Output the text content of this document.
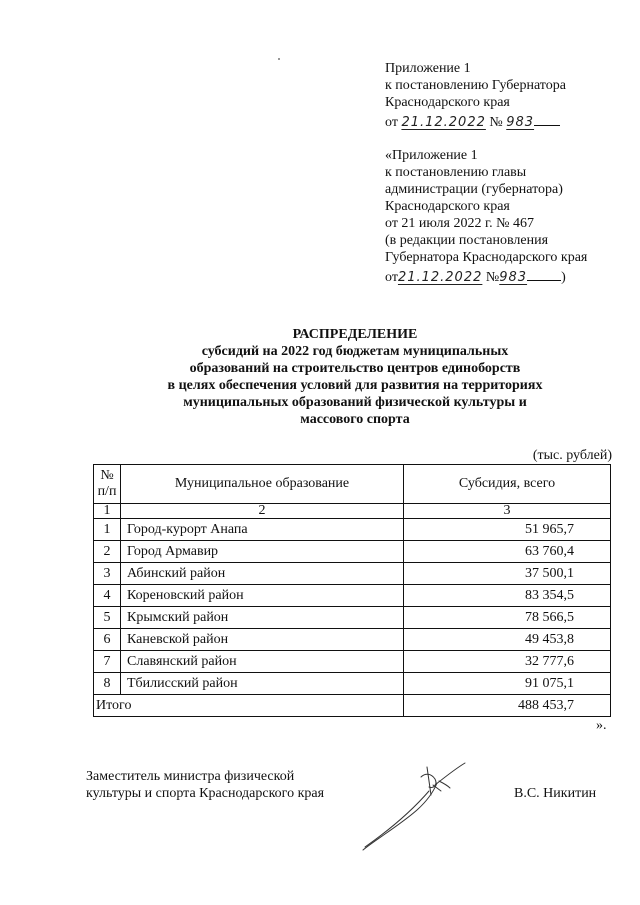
Приложение 1
к постановлению Губернатора
Краснодарского края
от 21.12.2022 № 983
«Приложение 1
к постановлению главы
администрации (губернатора)
Краснодарского края
от 21 июля 2022 г. № 467
(в редакции постановления
Губернатора Краснодарского края
от21.12.2022 №983 )
РАСПРЕДЕЛЕНИЕ
субсидий на 2022 год бюджетам муниципальных
образований на строительство центров единоборств
в целях обеспечения условий для развития на территориях
муниципальных образований физической культуры и
массового спорта
(тыс. рублей)
№
п/п	Муниципальное образование	Субсидия, всего
1	2	3
1	Город-курорт Анапа	51 965,7
2	Город Армавир	63 760,4
3	Абинский район	37 500,1
4	Кореновский район	83 354,5
5	Крымский район	78 566,5
6	Каневской район	49 453,8
7	Славянский район	32 777,6
8	Тбилисский район	91 075,1
Итого		488 453,7
».
Заместитель министра физической
культуры и спорта Краснодарского края	В.С. Никитин
